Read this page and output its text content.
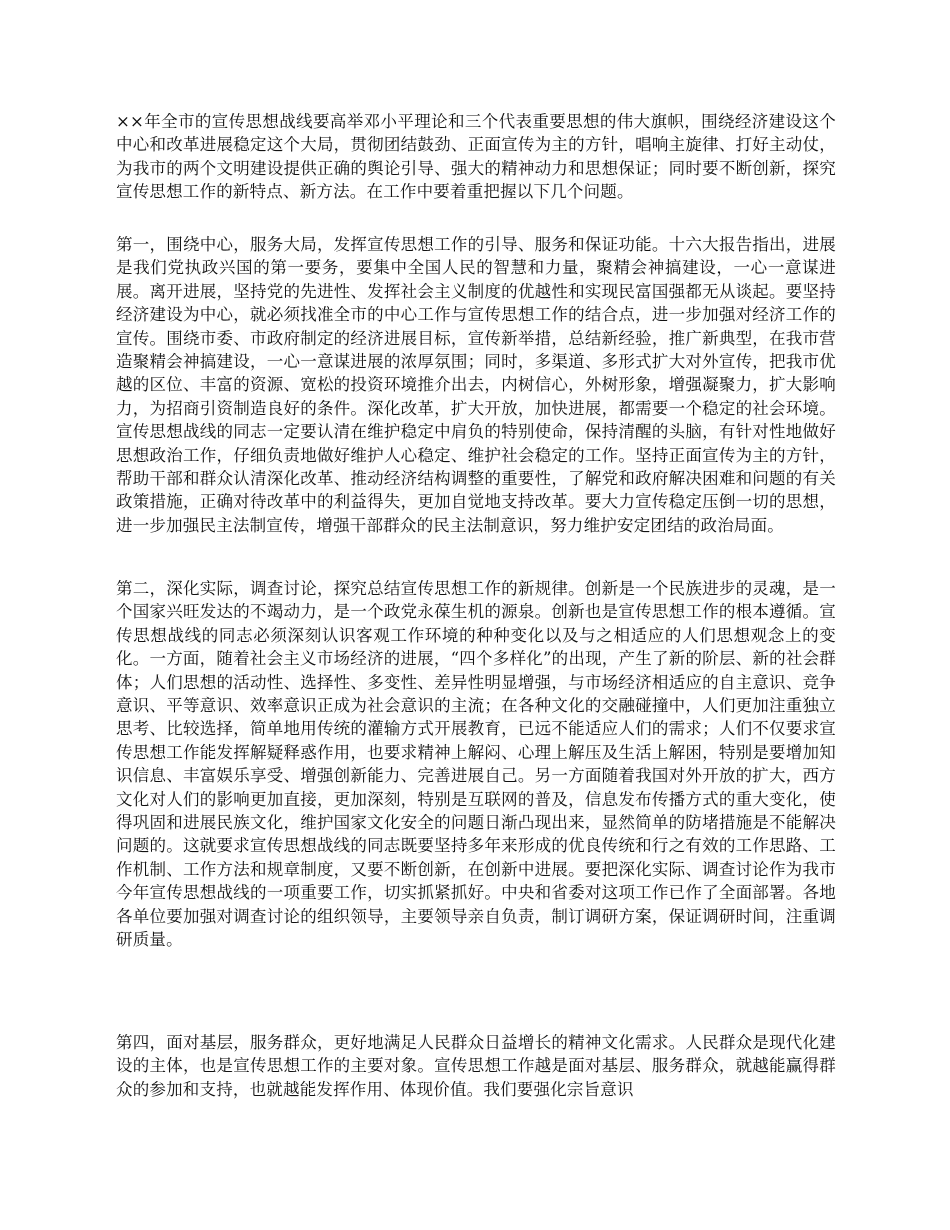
××年全市的宣传思想战线要高举邓小平理论和三个代表重要思想的伟大旗帜，围绕经济建设这个中心和改革进展稳定这个大局，贯彻团结鼓劲、正面宣传为主的方针，唱响主旋律、打好主动仗，为我市的两个文明建设提供正确的舆论引导、强大的精神动力和思想保证；同时要不断创新，探究宣传思想工作的新特点、新方法。在工作中要着重把握以下几个问题。

第一，围绕中心，服务大局，发挥宣传思想工作的引导、服务和保证功能。十六大报告指出，进展是我们党执政兴国的第一要务，要集中全国人民的智慧和力量，聚精会神搞建设，一心一意谋进展。离开进展，坚持党的先进性、发挥社会主义制度的优越性和实现民富国强都无从谈起。要坚持经济建设为中心，就必须找准全市的中心工作与宣传思想工作的结合点，进一步加强对经济工作的宣传。围绕市委、市政府制定的经济进展目标，宣传新举措，总结新经验，推广新典型，在我市营造聚精会神搞建设，一心一意谋进展的浓厚氛围；同时，多渠道、多形式扩大对外宣传，把我市优越的区位、丰富的资源、宽松的投资环境推介出去，内树信心，外树形象，增强凝聚力，扩大影响力，为招商引资制造良好的条件。深化改革，扩大开放，加快进展，都需要一个稳定的社会环境。宣传思想战线的同志一定要认清在维护稳定中肩负的特别使命，保持清醒的头脑，有针对性地做好思想政治工作，仔细负责地做好维护人心稳定、维护社会稳定的工作。坚持正面宣传为主的方针，帮助干部和群众认清深化改革、推动经济结构调整的重要性，了解党和政府解决困难和问题的有关政策措施，正确对待改革中的利益得失，更加自觉地支持改革。要大力宣传稳定压倒一切的思想，进一步加强民主法制宣传，增强干部群众的民主法制意识，努力维护安定团结的政治局面。

第二，深化实际，调查讨论，探究总结宣传思想工作的新规律。创新是一个民族进步的灵魂，是一个国家兴旺发达的不竭动力，是一个政党永葆生机的源泉。创新也是宣传思想工作的根本遵循。宣传思想战线的同志必须深刻认识客观工作环境的种种变化以及与之相适应的人们思想观念上的变化。一方面，随着社会主义市场经济的进展，“四个多样化”的出现，产生了新的阶层、新的社会群体；人们思想的活动性、选择性、多变性、差异性明显增强，与市场经济相适应的自主意识、竞争意识、平等意识、效率意识正成为社会意识的主流；在各种文化的交融碰撞中，人们更加注重独立思考、比较选择，简单地用传统的灌输方式开展教育，已远不能适应人们的需求；人们不仅要求宣传思想工作能发挥解疑释惑作用，也要求精神上解闷、心理上解压及生活上解困，特别是要增加知识信息、丰富娱乐享受、增强创新能力、完善进展自己。另一方面随着我国对外开放的扩大，西方文化对人们的影响更加直接，更加深刻，特别是互联网的普及，信息发布传播方式的重大变化，使得巩固和进展民族文化，维护国家文化安全的问题日渐凸现出来，显然简单的防堵措施是不能解决问题的。这就要求宣传思想战线的同志既要坚持多年来形成的优良传统和行之有效的工作思路、工作机制、工作方法和规章制度，又要不断创新，在创新中进展。要把深化实际、调查讨论作为我市今年宣传思想战线的一项重要工作，切实抓紧抓好。中央和省委对这项工作已作了全面部署。各地各单位要加强对调查讨论的组织领导，主要领导亲自负责，制订调研方案，保证调研时间，注重调研质量。

第四，面对基层，服务群众，更好地满足人民群众日益增长的精神文化需求。人民群众是现代化建设的主体，也是宣传思想工作的主要对象。宣传思想工作越是面对基层、服务群众，就越能赢得群众的参加和支持，也就越能发挥作用、体现价值。我们要强化宗旨意识
